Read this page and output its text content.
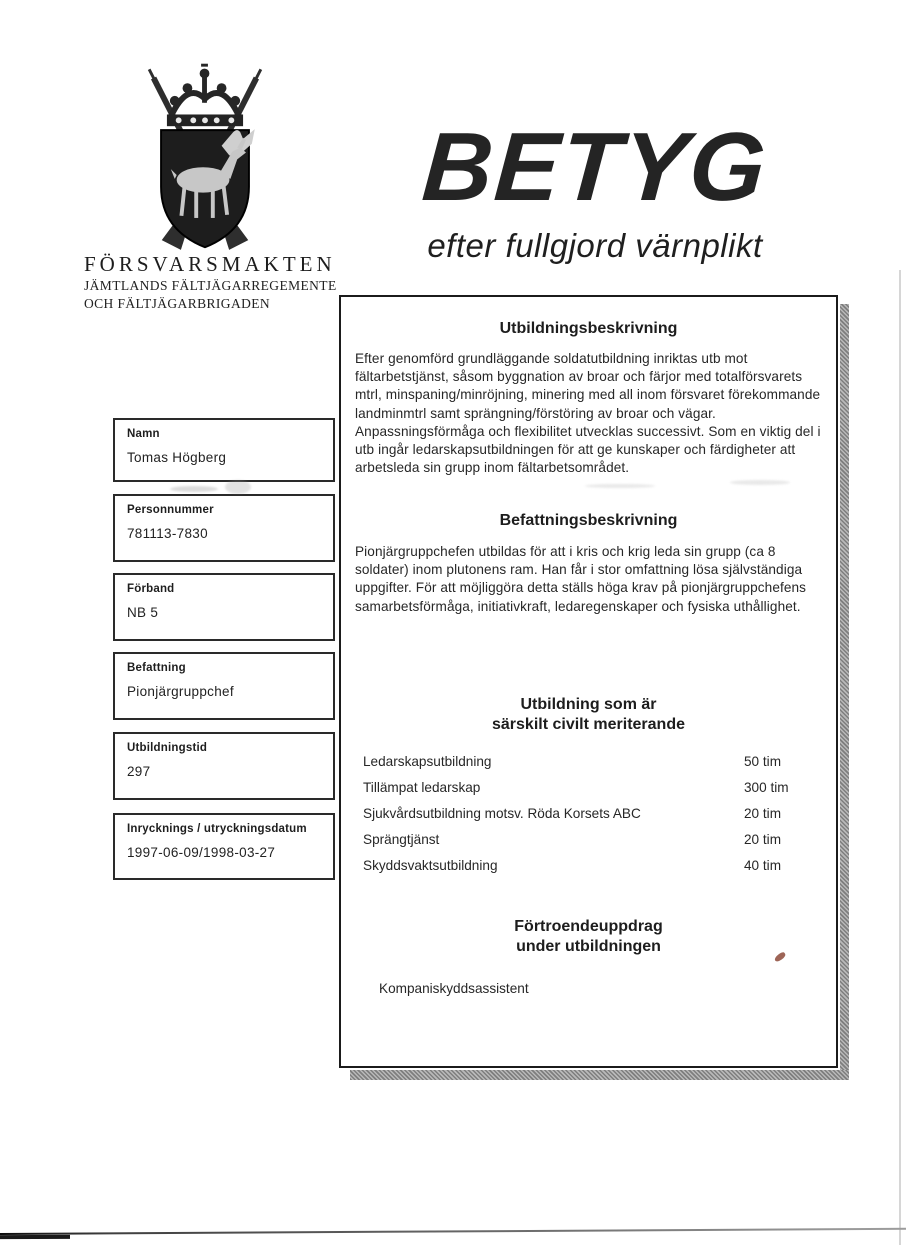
FÖRSVARSMAKTEN
JÄMTLANDS FÄLTJÄGARREGEMENTE
OCH FÄLTJÄGARBRIGADEN
BETYG
efter fullgjord värnplikt
Namn
Tomas Högberg
Personnummer
781113-7830
Förband
NB 5
Befattning
Pionjärgruppchef
Utbildningstid
297
Inrycknings / utryckningsdatum
1997-06-09/1998-03-27
Utbildningsbeskrivning
Efter genomförd grundläggande soldatutbildning inriktas utb mot fältarbetstjänst, såsom byggnation av broar och färjor med totalförsvarets mtrl, minspaning/minröjning, minering med all inom försvaret förekommande landminmtrl samt sprängning/förstöring av broar och vägar. Anpassningsförmåga och flexibilitet utvecklas successivt. Som en viktig del i utb ingår ledarskapsutbildningen för att ge kunskaper och färdigheter att arbetsleda sin grupp inom fältarbetsområdet.
Befattningsbeskrivning
Pionjärgruppchefen utbildas för att i kris och krig leda sin grupp (ca 8 soldater) inom plutonens ram. Han får i stor omfattning lösa självständiga uppgifter. För att möjliggöra detta ställs höga krav på pionjärgruppchefens samarbetsförmåga, initiativkraft, ledaregenskaper och fysiska uthållighet.
Utbildning som är
särskilt civilt meriterande
Ledarskapsutbildning	50 tim
Tillämpat ledarskap	300 tim
Sjukvårdsutbildning motsv. Röda Korsets ABC	20 tim
Sprängtjänst	20 tim
Skyddsvaktsutbildning	40 tim
Förtroendeuppdrag
under utbildningen
Kompaniskyddsassistent
